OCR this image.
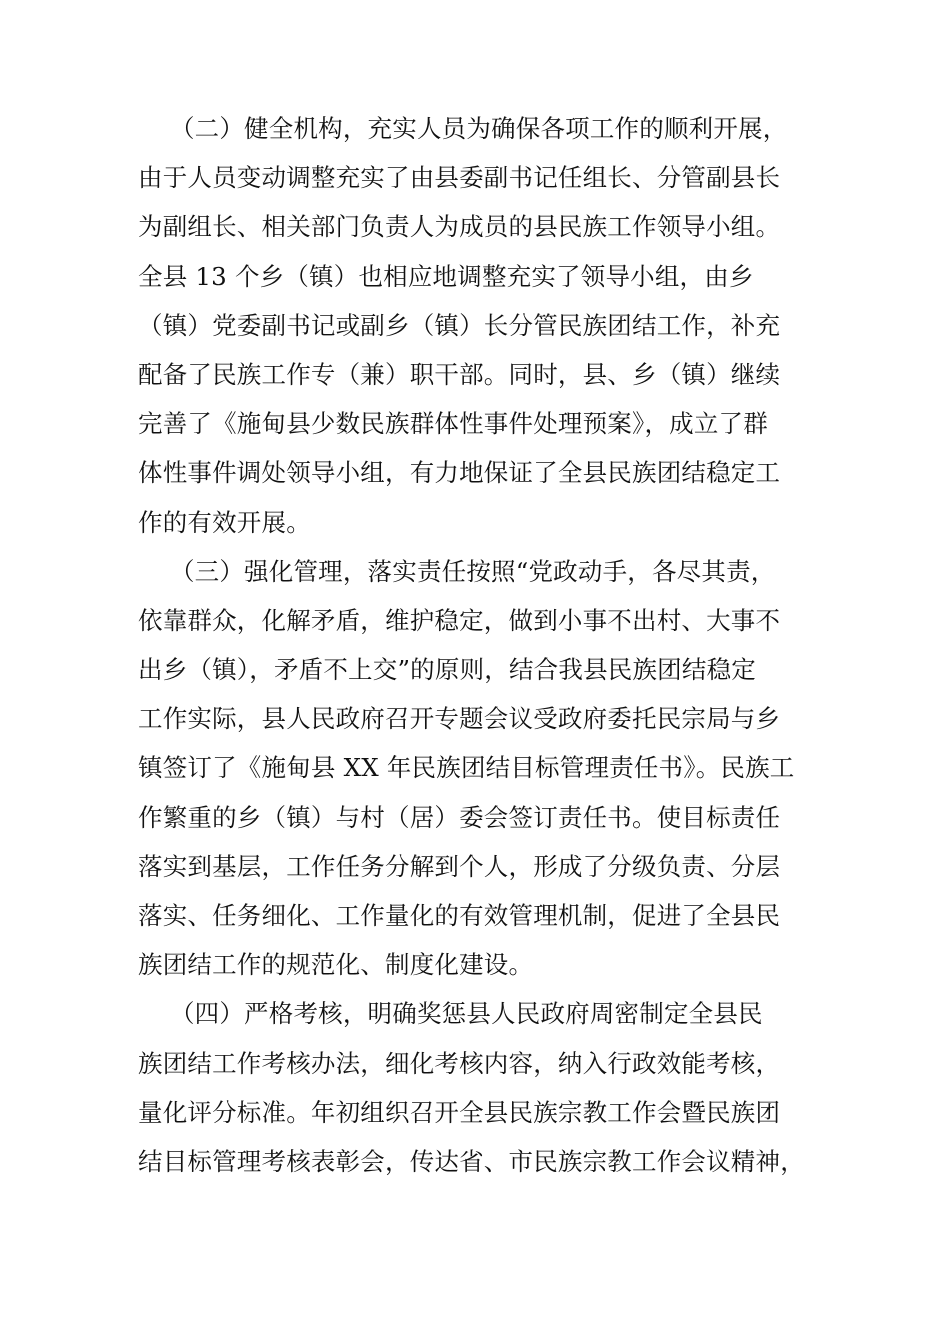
（二）健全机构，充实人员为确保各项工作的顺利开展，
由于人员变动调整充实了由县委副书记任组长、分管副县长
为副组长、相关部门负责人为成员的县民族工作领导小组。
全县 13 个乡（镇）也相应地调整充实了领导小组，由乡
（镇）党委副书记或副乡（镇）长分管民族团结工作，补充
配备了民族工作专（兼）职干部。同时，县、乡（镇）继续
完善了《施甸县少数民族群体性事件处理预案》，成立了群
体性事件调处领导小组，有力地保证了全县民族团结稳定工
作的有效开展。
（三）强化管理，落实责任按照“党政动手，各尽其责，
依靠群众，化解矛盾，维护稳定，做到小事不出村、大事不
出乡（镇），矛盾不上交”的原则，结合我县民族团结稳定
工作实际，县人民政府召开专题会议受政府委托民宗局与乡
镇签订了《施甸县 XX 年民族团结目标管理责任书》。民族工
作繁重的乡（镇）与村（居）委会签订责任书。使目标责任
落实到基层，工作任务分解到个人，形成了分级负责、分层
落实、任务细化、工作量化的有效管理机制，促进了全县民
族团结工作的规范化、制度化建设。
（四）严格考核，明确奖惩县人民政府周密制定全县民
族团结工作考核办法，细化考核内容，纳入行政效能考核，
量化评分标准。年初组织召开全县民族宗教工作会暨民族团
结目标管理考核表彰会，传达省、市民族宗教工作会议精神，
